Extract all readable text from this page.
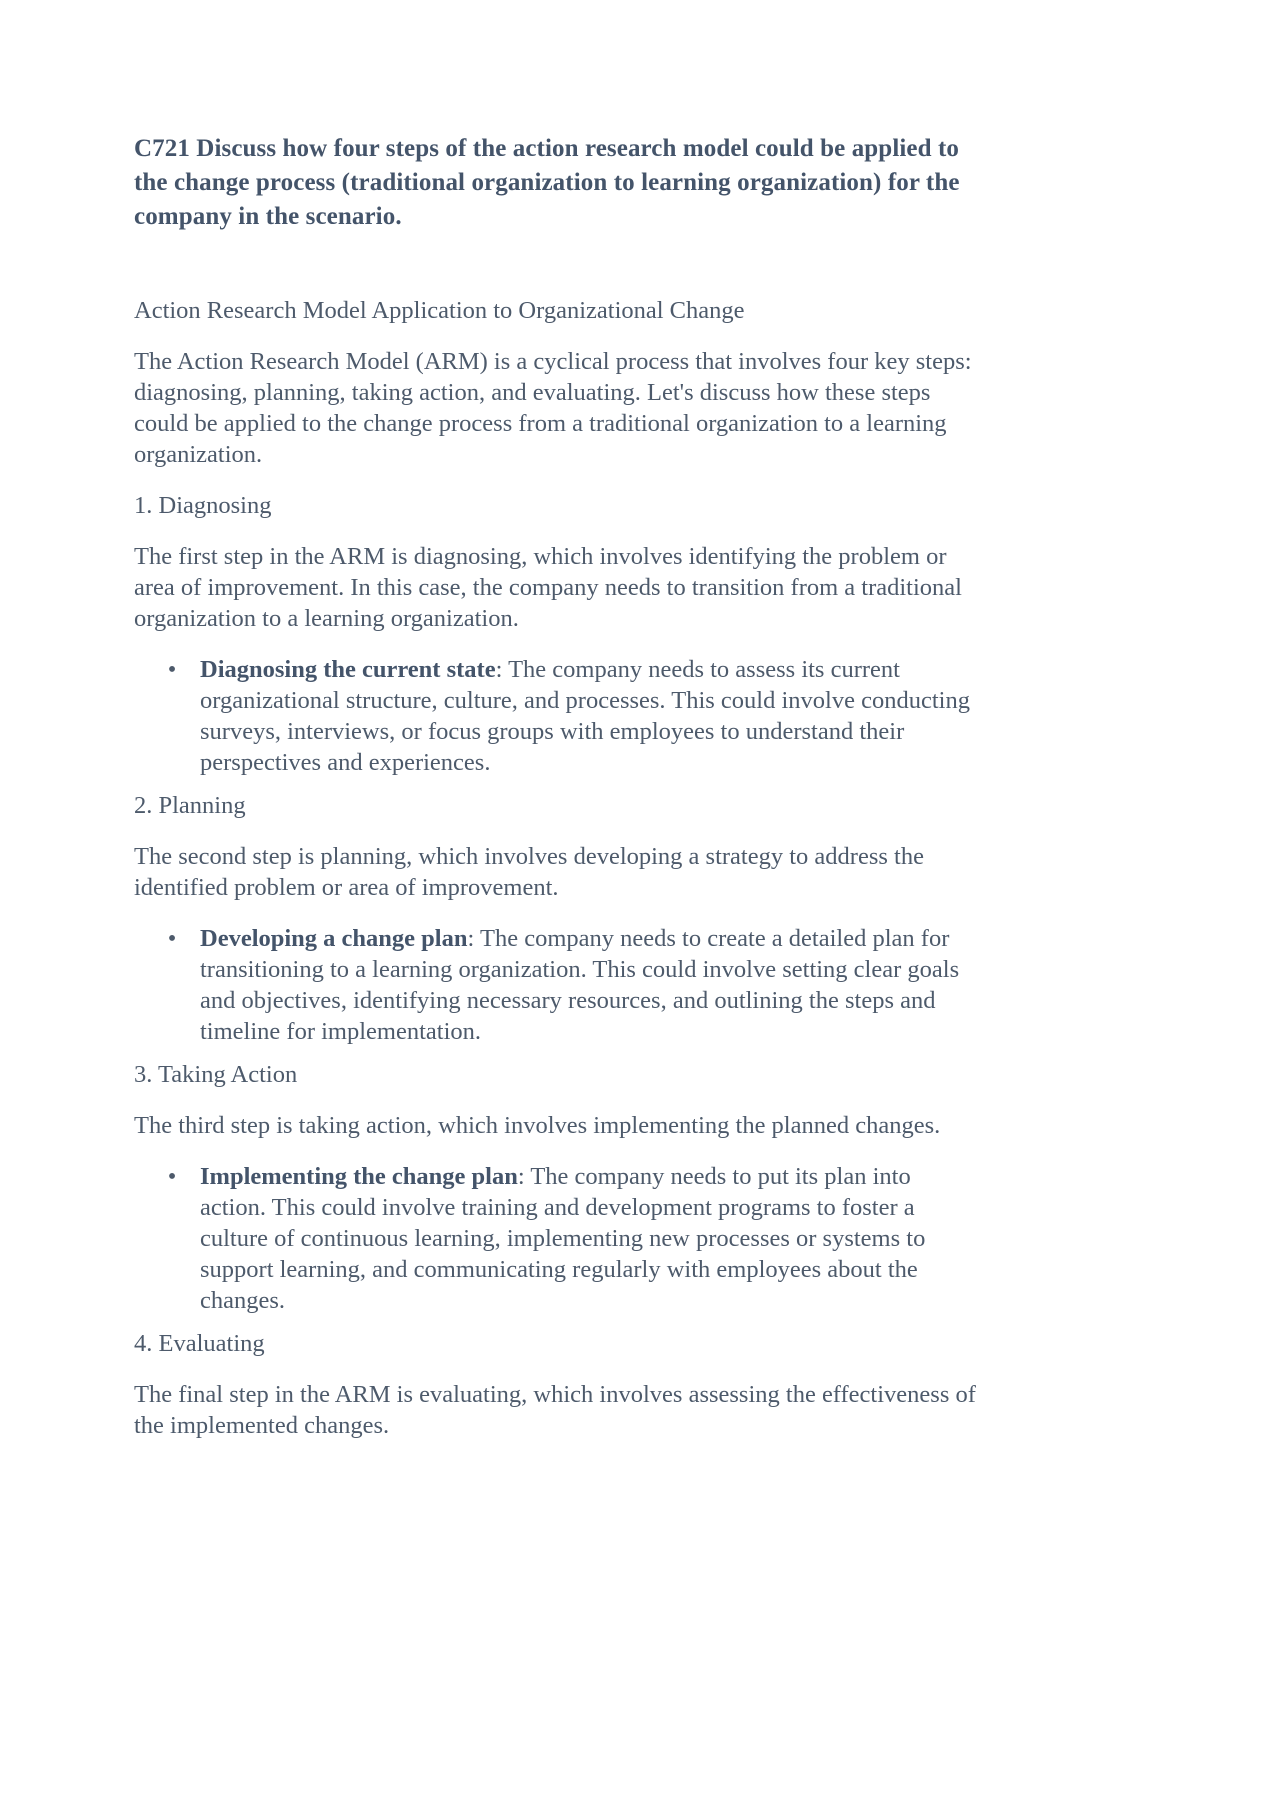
C721 Discuss how four steps of the action research model could be applied to the change process (traditional organization to learning organization) for the company in the scenario.

Action Research Model Application to Organizational Change

The Action Research Model (ARM) is a cyclical process that involves four key steps: diagnosing, planning, taking action, and evaluating. Let's discuss how these steps could be applied to the change process from a traditional organization to a learning organization.

1. Diagnosing

The first step in the ARM is diagnosing, which involves identifying the problem or area of improvement. In this case, the company needs to transition from a traditional organization to a learning organization.

• Diagnosing the current state: The company needs to assess its current organizational structure, culture, and processes. This could involve conducting surveys, interviews, or focus groups with employees to understand their perspectives and experiences.

2. Planning

The second step is planning, which involves developing a strategy to address the identified problem or area of improvement.

• Developing a change plan: The company needs to create a detailed plan for transitioning to a learning organization. This could involve setting clear goals and objectives, identifying necessary resources, and outlining the steps and timeline for implementation.

3. Taking Action

The third step is taking action, which involves implementing the planned changes.

• Implementing the change plan: The company needs to put its plan into action. This could involve training and development programs to foster a culture of continuous learning, implementing new processes or systems to support learning, and communicating regularly with employees about the changes.

4. Evaluating

The final step in the ARM is evaluating, which involves assessing the effectiveness of the implemented changes.
